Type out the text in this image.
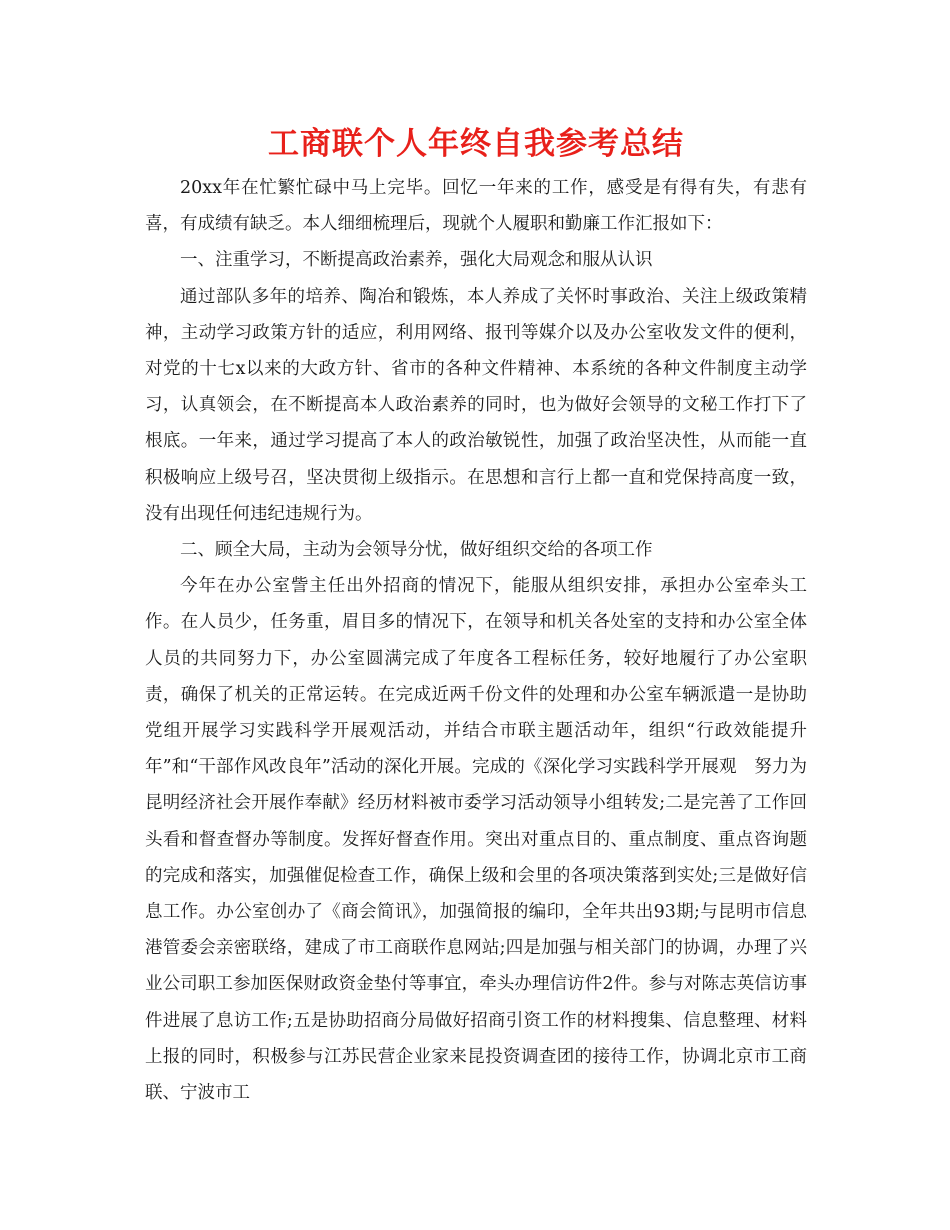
工商联个人年终自我参考总结

20xx年在忙繁忙碌中马上完毕。回忆一年来的工作，感受是有得有失，有悲有喜，有成绩有缺乏。本人细细梳理后，现就个人履职和勤廉工作汇报如下：

一、注重学习，不断提高政治素养，强化大局观念和服从认识

通过部队多年的培养、陶冶和锻炼，本人养成了关怀时事政治、关注上级政策精神，主动学习政策方针的适应，利用网络、报刊等媒介以及办公室收发文件的便利，对党的十七x以来的大政方针、省市的各种文件精神、本系统的各种文件制度主动学习，认真领会，在不断提高本人政治素养的同时，也为做好会领导的文秘工作打下了根底。一年来，通过学习提高了本人的政治敏锐性，加强了政治坚决性，从而能一直积极响应上级号召，坚决贯彻上级指示。在思想和言行上都一直和党保持高度一致，没有出现任何违纪违规行为。

二、顾全大局，主动为会领导分忧，做好组织交给的各项工作

今年在办公室訾主任出外招商的情况下，能服从组织安排，承担办公室牵头工作。在人员少，任务重，眉目多的情况下，在领导和机关各处室的支持和办公室全体人员的共同努力下，办公室圆满完成了年度各工程标任务，较好地履行了办公室职责，确保了机关的正常运转。在完成近两千份文件的处理和办公室车辆派遣一是协助党组开展学习实践科学开展观活动，并结合市联主题活动年，组织“行政效能提升年”和“干部作风改良年”活动的深化开展。完成的《深化学习实践科学开展观　努力为昆明经济社会开展作奉献》经历材料被市委学习活动领导小组转发;二是完善了工作回头看和督查督办等制度。发挥好督查作用。突出对重点目的、重点制度、重点咨询题的完成和落实，加强催促检查工作，确保上级和会里的各项决策落到实处;三是做好信息工作。办公室创办了《商会简讯》，加强简报的编印，全年共出93期;与昆明市信息港管委会亲密联络，建成了市工商联作息网站;四是加强与相关部门的协调，办理了兴业公司职工参加医保财政资金垫付等事宜，牵头办理信访件2件。参与对陈志英信访事件进展了息访工作;五是协助招商分局做好招商引资工作的材料搜集、信息整理、材料上报的同时，积极参与江苏民营企业家来昆投资调查团的接待工作，协调北京市工商联、宁波市工
